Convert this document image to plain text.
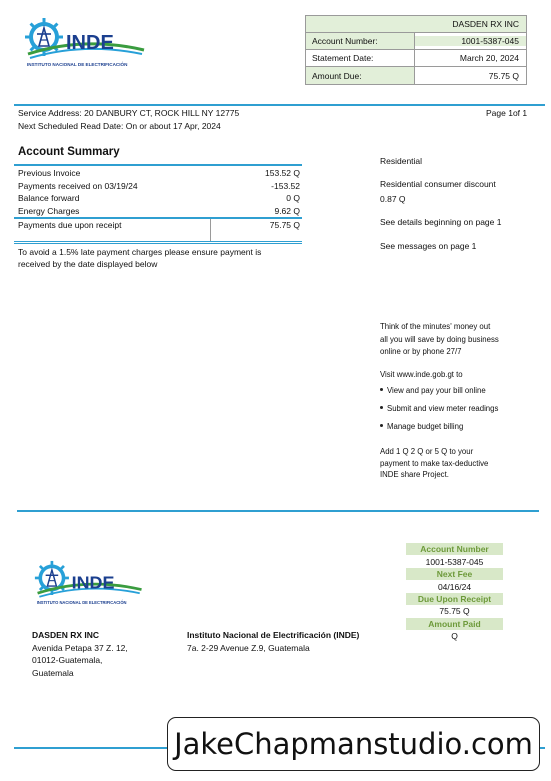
INDE
INSTITUTO NACIONAL DE ELECTRIFICACIÓN
DASDEN RX INC
Account Number:	1001-5387-045
Statement Date:	March 20, 2024
Amount Due:	75.75 Q
Service Address: 20 DANBURY CT, ROCK HILL NY 12775
Next Scheduled Read Date: On or about 17 Apr, 2024
Page 1of 1
Account Summary
Previous Invoice	153.52 Q
Payments received on 03/19/24	-153.52
Balance forward	0 Q
Energy Charges	9.62 Q
Payments due upon receipt	75.75 Q
To avoid a 1.5% late payment charges please ensure payment is
received by the date displayed below
Residential
Residential consumer discount
0.87 Q
See details beginning on page 1
See messages on page 1
Think of the minutes' money out
all you will save by doing business
online or by phone 27/7
Visit www.inde.gob.gt to
View and pay your bill online
Submit and view meter readings
Manage budget billing
Add 1 Q 2 Q or 5 Q to your
payment to make tax-deductive
INDE share Project.
INDE
INSTITUTO NACIONAL DE ELECTRIFICACIÓN
Account Number
1001-5387-045
Next Fee
04/16/24
Due Upon Receipt
75.75 Q
Amount Paid
Q
DASDEN RX INC
Avenida Petapa 37 Z. 12,
01012-Guatemala,
Guatemala
Instituto Nacional de Electrificación (INDE)
7a. 2-29 Avenue Z.9, Guatemala
JakeChapmanstudio.com
